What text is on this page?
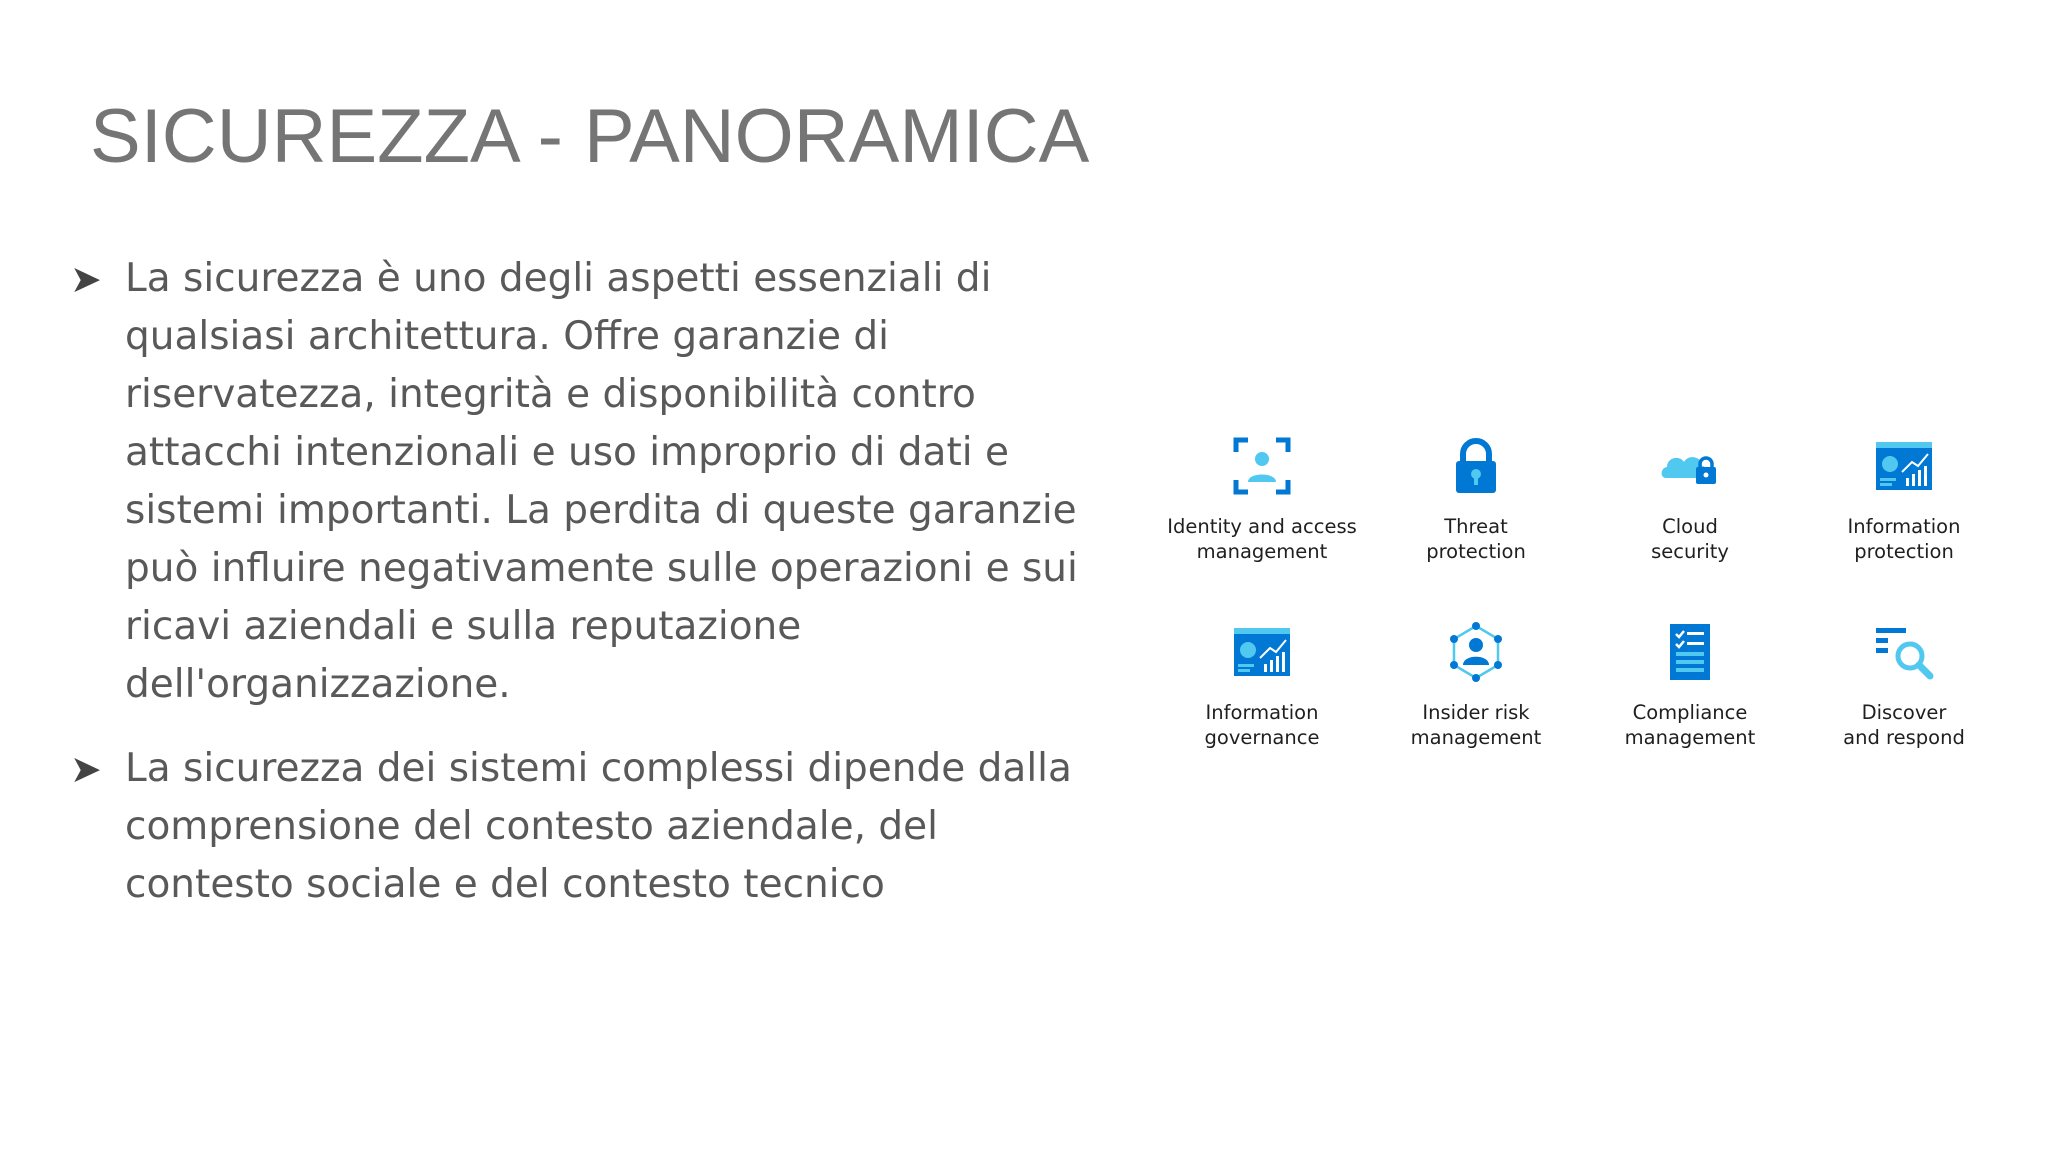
SICUREZZA - PANORAMICA
➤ La sicurezza è uno degli aspetti essenziali di qualsiasi architettura. Offre garanzie di riservatezza, integrità e disponibilità contro attacchi intenzionali e uso improprio di dati e sistemi importanti. La perdita di queste garanzie può influire negativamente sulle operazioni e sui ricavi aziendali e sulla reputazione dell'organizzazione.
➤ La sicurezza dei sistemi complessi dipende dalla comprensione del contesto aziendale, del contesto sociale e del contesto tecnico
Identity and access
management
Threat
protection
Cloud
security
Information
protection
Information
governance
Insider risk
management
Compliance
management
Discover
and respond
